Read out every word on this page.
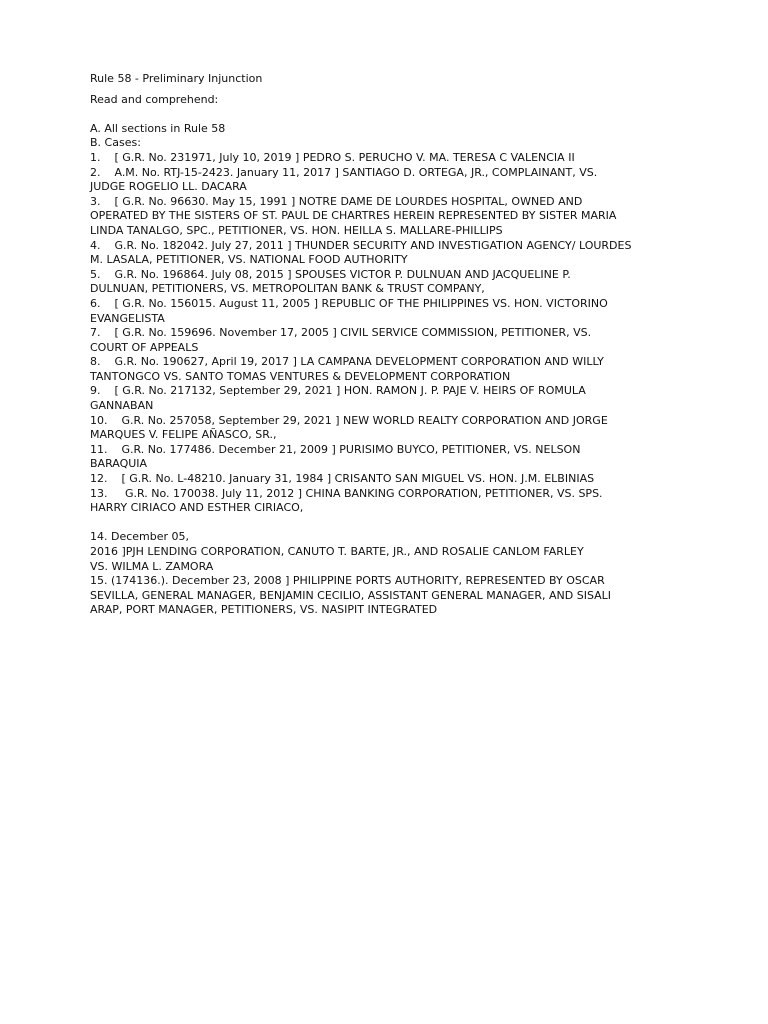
Rule 58 - Preliminary Injunction
Read and comprehend:
A. All sections in Rule 58
B. Cases:
1.    [ G.R. No. 231971, July 10, 2019 ] PEDRO S. PERUCHO V. MA. TERESA C VALENCIA II
2.    A.M. No. RTJ-15-2423. January 11, 2017 ] SANTIAGO D. ORTEGA, JR., COMPLAINANT, VS.
JUDGE ROGELIO LL. DACARA
3.    [ G.R. No. 96630. May 15, 1991 ] NOTRE DAME DE LOURDES HOSPITAL, OWNED AND
OPERATED BY THE SISTERS OF ST. PAUL DE CHARTRES HEREIN REPRESENTED BY SISTER MARIA
LINDA TANALGO, SPC., PETITIONER, VS. HON. HEILLA S. MALLARE-PHILLIPS
4.    G.R. No. 182042. July 27, 2011 ] THUNDER SECURITY AND INVESTIGATION AGENCY/ LOURDES
M. LASALA, PETITIONER, VS. NATIONAL FOOD AUTHORITY
5.    G.R. No. 196864. July 08, 2015 ] SPOUSES VICTOR P. DULNUAN AND JACQUELINE P.
DULNUAN, PETITIONERS, VS. METROPOLITAN BANK & TRUST COMPANY,
6.    [ G.R. No. 156015. August 11, 2005 ] REPUBLIC OF THE PHILIPPINES VS. HON. VICTORINO
EVANGELISTA
7.    [ G.R. No. 159696. November 17, 2005 ] CIVIL SERVICE COMMISSION, PETITIONER, VS.
COURT OF APPEALS
8.    G.R. No. 190627, April 19, 2017 ] LA CAMPANA DEVELOPMENT CORPORATION AND WILLY
TANTONGCO VS. SANTO TOMAS VENTURES & DEVELOPMENT CORPORATION
9.    [ G.R. No. 217132, September 29, 2021 ] HON. RAMON J. P. PAJE V. HEIRS OF ROMULA
GANNABAN
10.    G.R. No. 257058, September 29, 2021 ] NEW WORLD REALTY CORPORATION AND JORGE
MARQUES V. FELIPE AÑASCO, SR.,
11.    G.R. No. 177486. December 21, 2009 ] PURISIMO BUYCO, PETITIONER, VS. NELSON
BARAQUIA
12.    [ G.R. No. L-48210. January 31, 1984 ] CRISANTO SAN MIGUEL VS. HON. J.M. ELBINIAS
13.     G.R. No. 170038. July 11, 2012 ] CHINA BANKING CORPORATION, PETITIONER, VS. SPS.
HARRY CIRIACO AND ESTHER CIRIACO,
14. December 05,
2016 ]PJH LENDING CORPORATION, CANUTO T. BARTE, JR., AND ROSALIE CANLOM FARLEY
VS. WILMA L. ZAMORA
15. (174136.). December 23, 2008 ] PHILIPPINE PORTS AUTHORITY, REPRESENTED BY OSCAR
SEVILLA, GENERAL MANAGER, BENJAMIN CECILIO, ASSISTANT GENERAL MANAGER, AND SISALI
ARAP, PORT MANAGER, PETITIONERS, VS. NASIPIT INTEGRATED
